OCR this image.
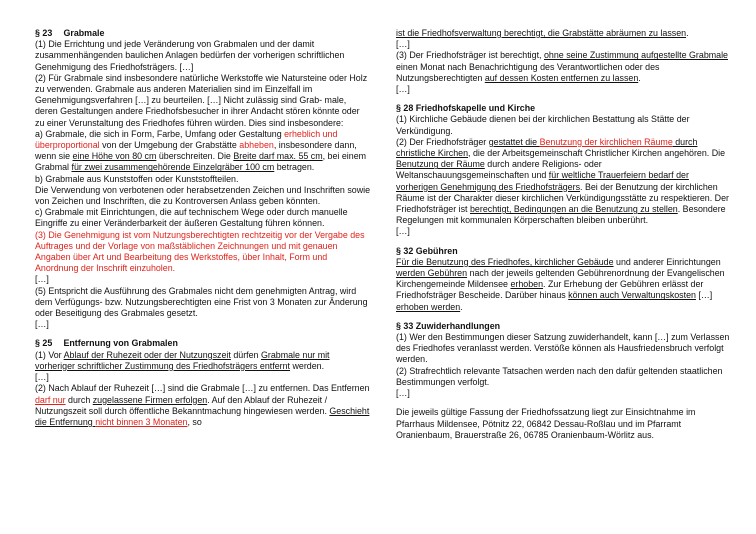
§ 23 Grabmale

(1) Die Errichtung und jede Veränderung von Grabmalen und der damit zusammenhängenden baulichen Anlagen bedürfen der vorherigen schriftlichen Genehmigung des Friedhofsträgers. […]

(2) Für Grabmale sind insbesondere natürliche Werkstoffe wie Natursteine oder Holz zu verwenden. Grabmale aus anderen Materialien sind im Einzelfall im Genehmigungsverfahren […] zu beurteilen. […] Nicht zulässig sind Grab- male, deren Gestaltungen andere Friedhofsbesucher in ihrer Andacht stören könnte oder zu einer Verunstaltung des Friedhofes führen würden. Dies sind insbesondere:

a) Grabmale, die sich in Form, Farbe, Umfang oder Gestaltung erheblich und überproportional von der Umgebung der Grabstätte abheben, insbesondere dann, wenn sie eine Höhe von 80 cm überschreiten. Die Breite darf max. 55 cm, bei einem Grabmal für zwei zusammengehörende Einzelgräber 100 cm betragen.

b) Grabmale aus Kunststoffen oder Kunststoffteilen.

Die Verwendung von verbotenen oder herabsetzenden Zeichen und Inschriften sowie von Zeichen und Inschriften, die zu Kontroversen Anlass geben könnten.

c) Grabmale mit Einrichtungen, die auf technischem Wege oder durch manuelle Eingriffe zu einer Veränderbarkeit der äußeren Gestaltung führen können.

(3) Die Genehmigung ist vom Nutzungsberechtigten rechtzeitig vor der Vergabe des Auftrages und der Vorlage von maßstäblichen Zeichnungen und mit genauen Angaben über Art und Bearbeitung des Werkstoffes, über Inhalt, Form und Anordnung der Inschrift einzuholen.

[…]

(5) Entspricht die Ausführung des Grabmales nicht dem genehmigten Antrag, wird dem Verfügungs- bzw. Nutzungsberechtigten eine Frist von 3 Monaten zur Änderung oder Beseitigung des Grabmales gesetzt.

[…]

§ 25 Entfernung von Grabmalen

(1) Vor Ablauf der Ruhezeit oder der Nutzungszeit dürfen Grabmale nur mit vorheriger schriftlicher Zustimmung des Friedhofsträgers entfernt werden.

[…]

(2) Nach Ablauf der Ruhezeit […] sind die Grabmale […] zu entfernen. Das Entfernen darf nur durch zugelassene Firmen erfolgen. Auf den Ablauf der Ruhezeit / Nutzungszeit soll durch öffentliche Bekanntmachung hingewiesen werden. Geschieht die Entfernung nicht binnen 3 Monaten, so

ist die Friedhofsverwaltung berechtigt, die Grabstätte abräumen zu lassen.

[…]

(3) Der Friedhofsträger ist berechtigt, ohne seine Zustimmung aufgestellte Grabmale einen Monat nach Benachrichtigung des Verantwortlichen oder des Nutzungsberechtigten auf dessen Kosten entfernen zu lassen.

[…]

§ 28 Friedhofskapelle und Kirche

(1) Kirchliche Gebäude dienen bei der kirchlichen Bestattung als Stätte der Verkündigung.

(2) Der Friedhofsträger gestattet die Benutzung der kirchlichen Räume durch christliche Kirchen, die der Arbeitsgemeinschaft Christlicher Kirchen angehören. Die Benutzung der Räume durch andere Religions- oder Weltanschauungsgemeinschaften und für weltliche Trauerfeiern bedarf der vorherigen Genehmigung des Friedhofsträgers. Bei der Benutzung der kirchlichen Räume ist der Charakter dieser kirchlichen Verkündigungsstätte zu respektieren. Der Friedhofsträger ist berechtigt, Bedingungen an die Benutzung zu stellen. Besondere Regelungen mit kommunalen Körperschaften bleiben unberührt.

[…]

§ 32 Gebühren

Für die Benutzung des Friedhofes, kirchlicher Gebäude und anderer Einrichtungen werden Gebühren nach der jeweils geltenden Gebührenordnung der Evangelischen Kirchengemeinde Mildensee erhoben. Zur Erhebung der Gebühren erlässt der Friedhofsträger Bescheide. Darüber hinaus können auch Verwaltungskosten […] erhoben werden.

§ 33 Zuwiderhandlungen

(1) Wer den Bestimmungen dieser Satzung zuwiderhandelt, kann […] zum Verlassen des Friedhofes veranlasst werden. Verstöße können als Hausfriedensbruch verfolgt werden.

(2) Strafrechtlich relevante Tatsachen werden nach den dafür geltenden staatlichen Bestimmungen verfolgt.

[…]

Die jeweils gültige Fassung der Friedhofssatzung liegt zur Einsichtnahme im Pfarrhaus Mildensee, Pötnitz 22, 06842 Dessau-Roßlau und im Pfarramt Oranienbaum, Brauerstraße 26, 06785 Oranienbaum-Wörlitz aus.
